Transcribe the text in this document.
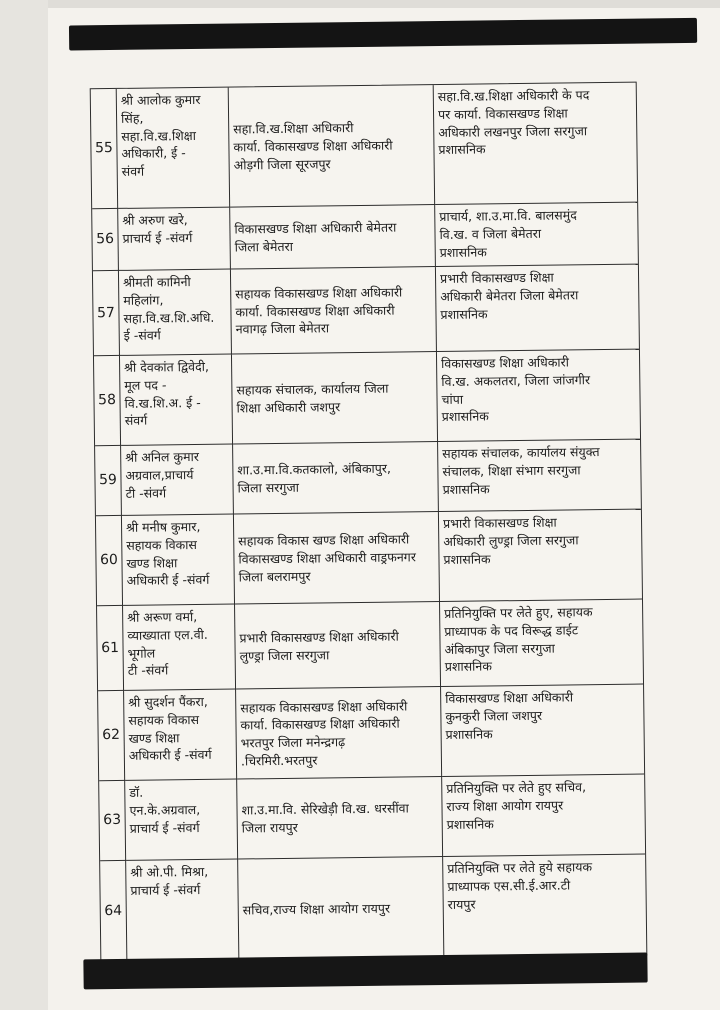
55
श्री आलोक कुमार
सिंह,
सहा.वि.ख.शिक्षा
अधिकारी, ई -
संवर्ग
सहा.वि.ख.शिक्षा अधिकारी
कार्या. विकासखण्ड शिक्षा अधिकारी
ओड़गी जिला सूरजपुर
सहा.वि.ख.शिक्षा अधिकारी के पद
पर कार्या. विकासखण्ड शिक्षा
अधिकारी लखनपुर जिला सरगुजा
प्रशासनिक
56
श्री अरुण खरे,
प्राचार्य ई -संवर्ग
विकासखण्ड शिक्षा अधिकारी बेमेतरा
जिला बेमेतरा
प्राचार्य, शा.उ.मा.वि. बालसमुंद
वि.ख. व जिला बेमेतरा
प्रशासनिक
57
श्रीमती कामिनी
महिलांग,
सहा.वि.ख.शि.अधि.
ई -संवर्ग
सहायक विकासखण्ड शिक्षा अधिकारी
कार्या. विकासखण्ड शिक्षा अधिकारी
नवागढ़ जिला बेमेतरा
प्रभारी विकासखण्ड शिक्षा
अधिकारी बेमेतरा जिला बेमेतरा
प्रशासनिक
58
श्री देवकांत द्विवेदी,
मूल पद -
वि.ख.शि.अ. ई -
संवर्ग
सहायक संचालक, कार्यालय जिला
शिक्षा अधिकारी जशपुर
विकासखण्ड शिक्षा अधिकारी
वि.ख. अकलतरा, जिला जांजगीर
चांपा
प्रशासनिक
59
श्री अनिल कुमार
अग्रवाल,प्राचार्य
टी -संवर्ग
शा.उ.मा.वि.कतकालो, अंबिकापुर,
जिला सरगुजा
सहायक संचालक, कार्यालय संयुक्त
संचालक, शिक्षा संभाग सरगुजा
प्रशासनिक
60
श्री मनीष कुमार,
सहायक विकास
खण्ड शिक्षा
अधिकारी ई -संवर्ग
सहायक विकास खण्ड शिक्षा अधिकारी
विकासखण्ड शिक्षा अधिकारी वाड्रफनगर
जिला बलरामपुर
प्रभारी विकासखण्ड शिक्षा
अधिकारी लुण्ड्रा जिला सरगुजा
प्रशासनिक
61
श्री अरूण वर्मा,
व्याख्याता एल.वी.
भूगोल
टी -संवर्ग
प्रभारी विकासखण्ड शिक्षा अधिकारी
लुण्ड्रा जिला सरगुजा
प्रतिनियुक्ति पर लेते हुए, सहायक
प्राध्यापक के पद विरूद्ध डाईट
अंबिकापुर जिला सरगुजा
प्रशासनिक
62
श्री सुदर्शन पैंकरा,
सहायक विकास
खण्ड शिक्षा
अधिकारी ई -संवर्ग
सहायक विकासखण्ड शिक्षा अधिकारी
कार्या. विकासखण्ड शिक्षा अधिकारी
भरतपुर जिला मनेन्द्रगढ़
.चिरमिरी.भरतपुर
विकासखण्ड शिक्षा अधिकारी
कुनकुरी जिला जशपुर
प्रशासनिक
63
डॉ.
एन.के.अग्रवाल,
प्राचार्य ई -संवर्ग
शा.उ.मा.वि. सेरिखेड़ी वि.ख. धरसींवा
जिला रायपुर
प्रतिनियुक्ति पर लेते हुए सचिव,
राज्य शिक्षा आयोग रायपुर
प्रशासनिक
64
श्री ओ.पी. मिश्रा,
प्राचार्य ई -संवर्ग
सचिव,राज्य शिक्षा आयोग रायपुर
प्रतिनियुक्ति पर लेते हुये सहायक
प्राध्यापक एस.सी.ई.आर.टी
रायपुर
